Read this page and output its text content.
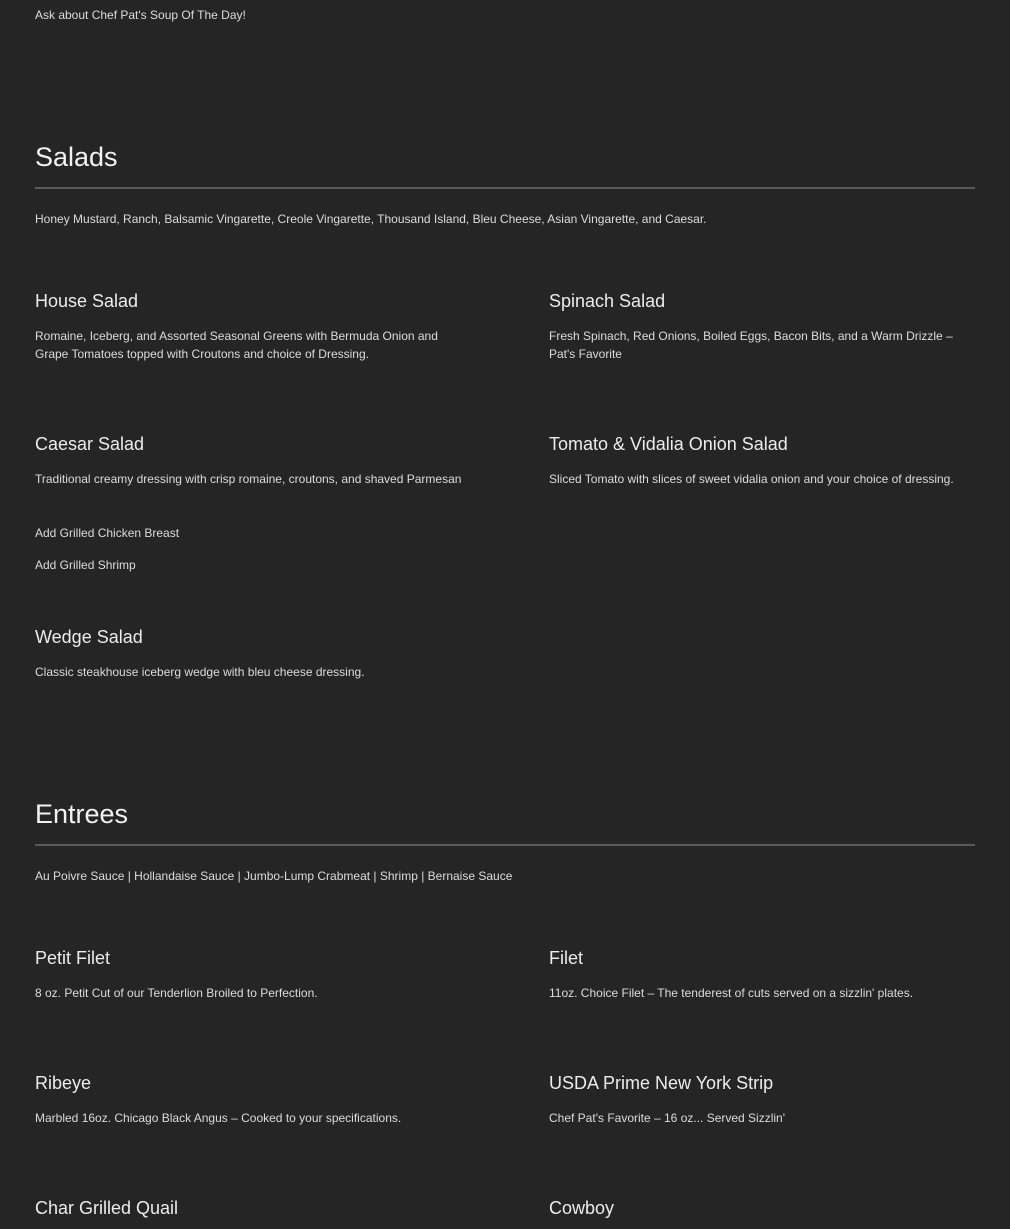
Ask about Chef Pat's Soup Of The Day!

Salads

Honey Mustard, Ranch, Balsamic Vingarette, Creole Vingarette, Thousand Island, Bleu Cheese, Asian Vingarette, and Caesar.

House Salad

Romaine, Iceberg, and Assorted Seasonal Greens with Bermuda Onion and Grape Tomatoes topped with Croutons and choice of Dressing.

Spinach Salad

Fresh Spinach, Red Onions, Boiled Eggs, Bacon Bits, and a Warm Drizzle – Pat's Favorite

Caesar Salad

Traditional creamy dressing with crisp romaine, croutons, and shaved Parmesan

Add Grilled Chicken Breast

Add Grilled Shrimp

Tomato & Vidalia Onion Salad

Sliced Tomato with slices of sweet vidalia onion and your choice of dressing.

Wedge Salad

Classic steakhouse iceberg wedge with bleu cheese dressing.

Entrees

Au Poivre Sauce | Hollandaise Sauce | Jumbo-Lump Crabmeat | Shrimp | Bernaise Sauce

Petit Filet

8 oz. Petit Cut of our Tenderlion Broiled to Perfection.

Filet

11oz. Choice Filet – The tenderest of cuts served on a sizzlin' plates.

Ribeye

Marbled 16oz. Chicago Black Angus – Cooked to your specifications.

USDA Prime New York Strip

Chef Pat's Favorite – 16 oz... Served Sizzlin'

Char Grilled Quail	Cowboy
